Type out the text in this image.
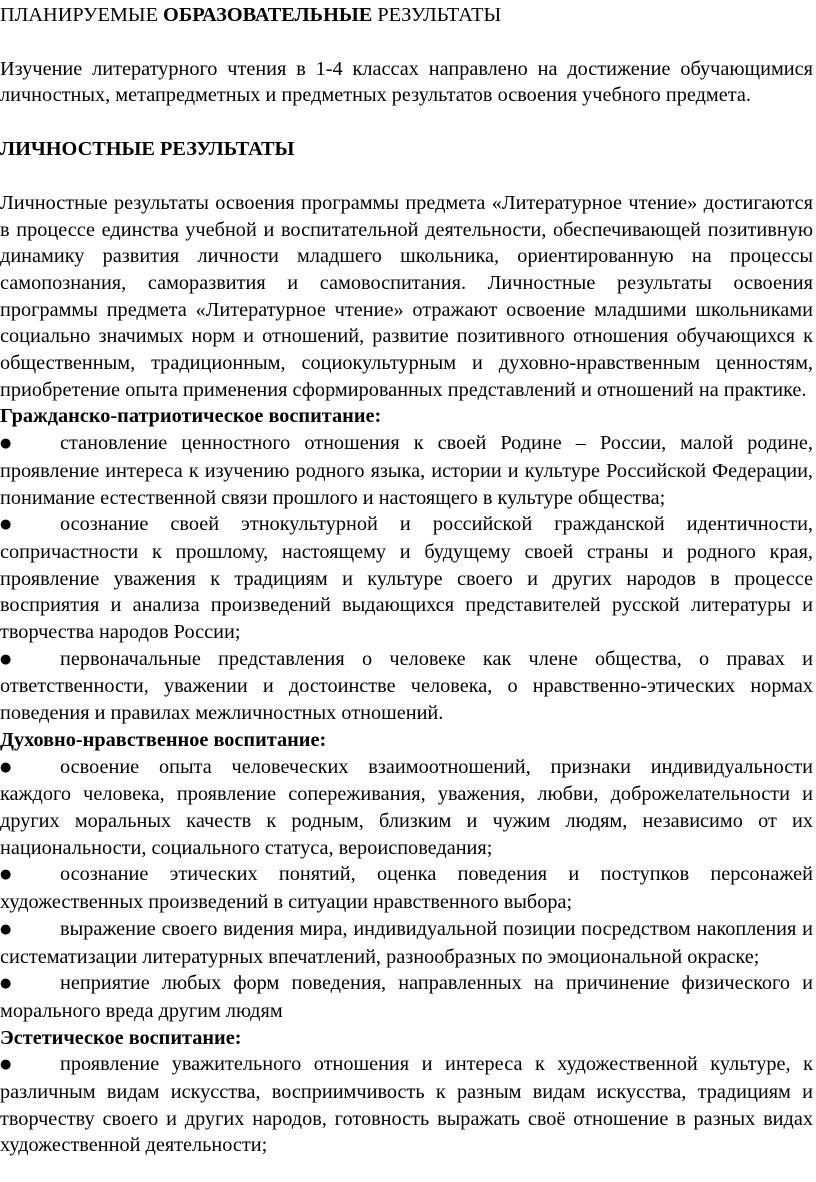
ПЛАНИРУЕМЫЕ ОБРАЗОВАТЕЛЬНЫЕ РЕЗУЛЬТАТЫ

Изучение литературного чтения в 1-4 классах направлено на достижение обучающимися личностных, метапредметных и предметных результатов освоения учебного предмета.

ЛИЧНОСТНЫЕ РЕЗУЛЬТАТЫ

Личностные результаты освоения программы предмета «Литературное чтение» достигаются в процессе единства учебной и воспитательной деятельности, обеспечивающей позитивную динамику развития личности младшего школьника, ориентированную на процессы самопознания, саморазвития и самовоспитания. Личностные результаты освоения программы предмета «Литературное чтение» отражают освоение младшими школьниками социально значимых норм и отношений, развитие позитивного отношения обучающихся к общественным, традиционным, социокультурным и духовно-нравственным ценностям, приобретение опыта применения сформированных представлений и отношений на практике.

Гражданско-патриотическое воспитание:

● становление ценностного отношения к своей Родине – России, малой родине, проявление интереса к изучению родного языка, истории и культуре Российской Федерации, понимание естественной связи прошлого и настоящего в культуре общества;

● осознание своей этнокультурной и российской гражданской идентичности, сопричастности к прошлому, настоящему и будущему своей страны и родного края, проявление уважения к традициям и культуре своего и других народов в процессе восприятия и анализа произведений выдающихся представителей русской литературы и творчества народов России;

● первоначальные представления о человеке как члене общества, о правах и ответственности, уважении и достоинстве человека, о нравственно-этических нормах поведения и правилах межличностных отношений.

Духовно-нравственное воспитание:

● освоение опыта человеческих взаимоотношений, признаки индивидуальности каждого человека, проявление сопереживания, уважения, любви, доброжелательности и других моральных качеств к родным, близким и чужим людям, независимо от их национальности, социального статуса, вероисповедания;

● осознание этических понятий, оценка поведения и поступков персонажей художественных произведений в ситуации нравственного выбора;

● выражение своего видения мира, индивидуальной позиции посредством накопления и систематизации литературных впечатлений, разнообразных по эмоциональной окраске;

● неприятие любых форм поведения, направленных на причинение физического и морального вреда другим людям

Эстетическое воспитание:

● проявление уважительного отношения и интереса к художественной культуре, к различным видам искусства, восприимчивость к разным видам искусства, традициям и творчеству своего и других народов, готовность выражать своё отношение в разных видах художественной деятельности;
